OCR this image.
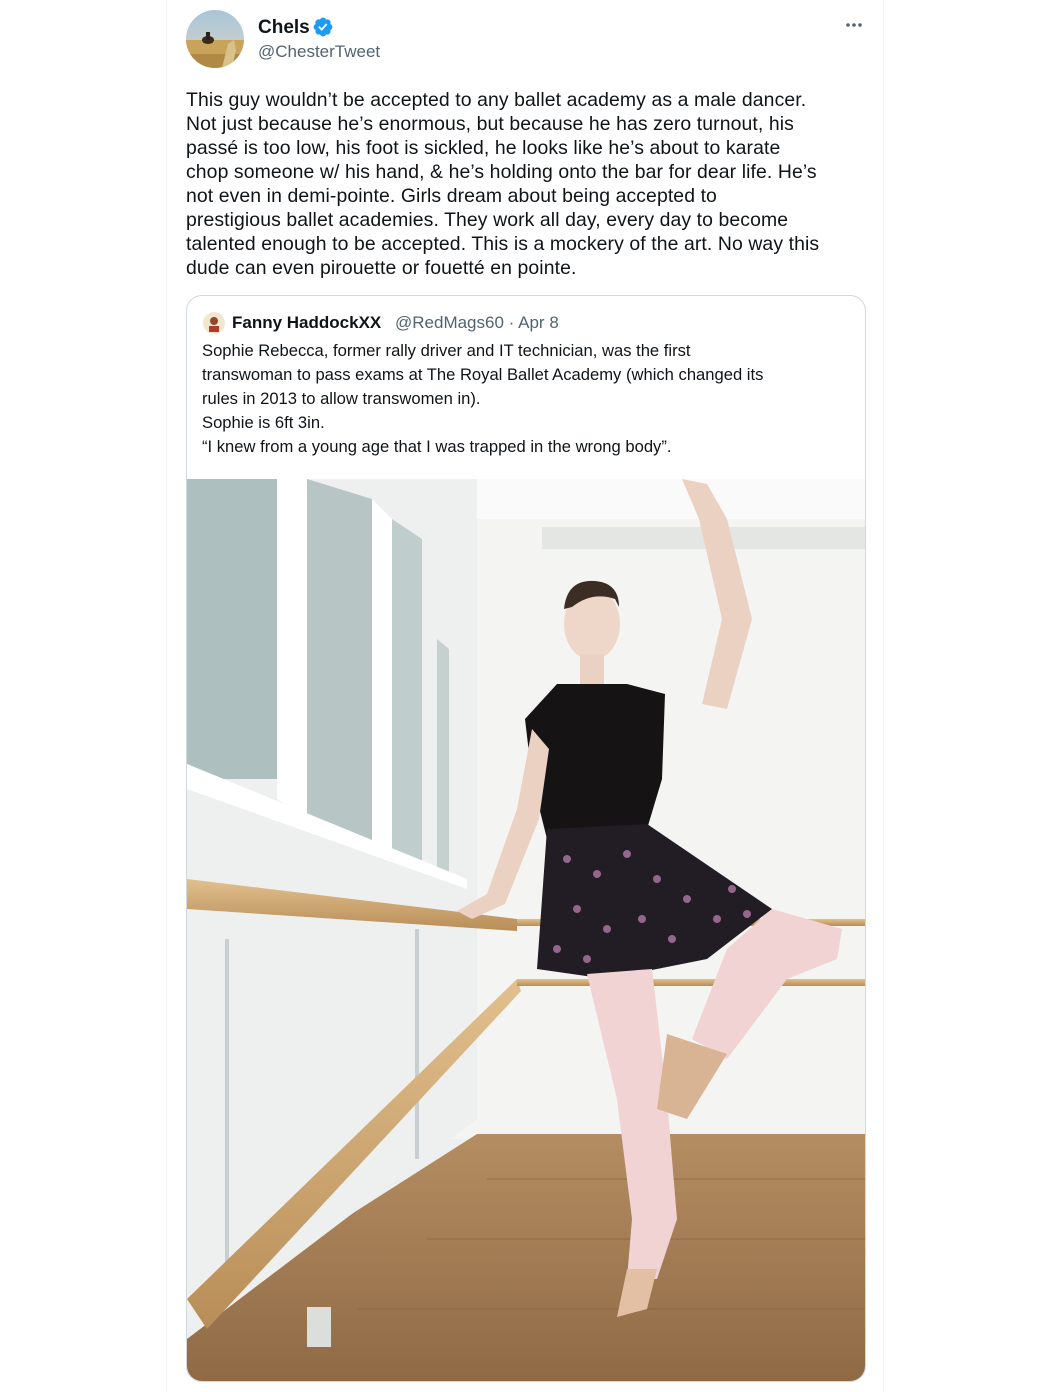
Chels
@ChesterTweet
This guy wouldn’t be accepted to any ballet academy as a male dancer.
Not just because he’s enormous, but because he has zero turnout, his
passé is too low, his foot is sickled, he looks like he’s about to karate
chop someone w/ his hand, & he’s holding onto the bar for dear life. He’s
not even in demi-pointe. Girls dream about being accepted to
prestigious ballet academies. They work all day, every day to become
talented enough to be accepted. This is a mockery of the art. No way this
dude can even pirouette or fouetté en pointe.
Fanny HaddockXX @RedMags60 · Apr 8
Sophie Rebecca, former rally driver and IT technician, was the first
transwoman to pass exams at The Royal Ballet Academy (which changed its
rules in 2013 to allow transwomen in).
Sophie is 6ft 3in.
“I knew from a young age that I was trapped in the wrong body”.
